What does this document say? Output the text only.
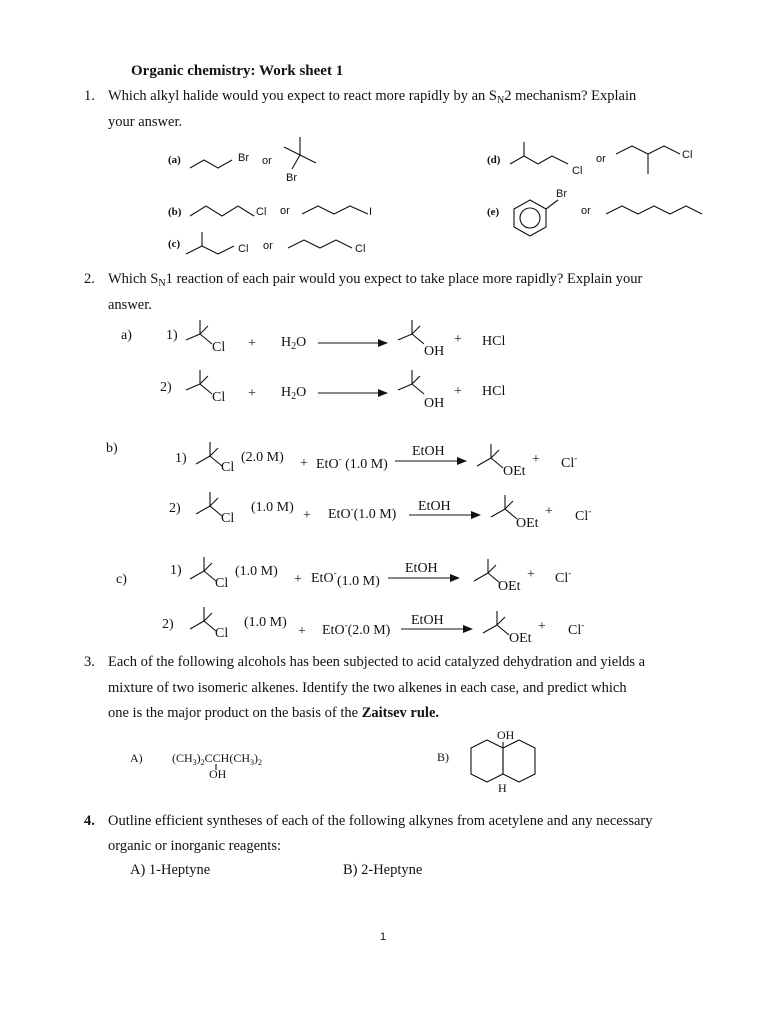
Organic chemistry: Work sheet 1
1. Which alkyl halide would you expect to react more rapidly by an $S_N2$ mechanism? Explain
your answer.
(a)	Br or
Br
(b)	Cl or	I
(c)	Cl or	Cl
(d)
Cl
or	Cl
(e)
Br
or
2. Which $S_N1$ reaction of each pair would you expect to take place more rapidly? Explain your
answer.
a) 1)
$Cl + H_2O$
OH
+ HCl
2)
$Cl + H_2O$
OH
+ HCl
b)
1)
Cl
(2.0 M) + EtO- (1.0 M)
EtOH
OEt
+ Cl-
2)
Cl
(1.0 M)
+ EtO-(1.0 M)
EtOH
OEt
+ Cl-
1)
c)	Cl
(1.0 M)
+ EtO-
(1.0 M)
EtOH
OEt
+ Cl-
2)
Cl
(1.0 M)
+ EtO-(2.0 M)
EtOH
OEt
+ Cl-
3. Each of the following alcohols has been subjected to acid catalyzed dehydration and yields a
mixture of two isomeric alkenes. Identify the two alkenes in each case, and predict which
one is the major product on the basis of the Zaitsev rule.
A) $(CH_3)_2CCH(CH_3)_2$
OH
B)
OH
H
4. Outline efficient syntheses of each of the following alkynes from acetylene and any necessary
organic or inorganic reagents:
A) 1-Heptyne	B) 2-Heptyne
1
